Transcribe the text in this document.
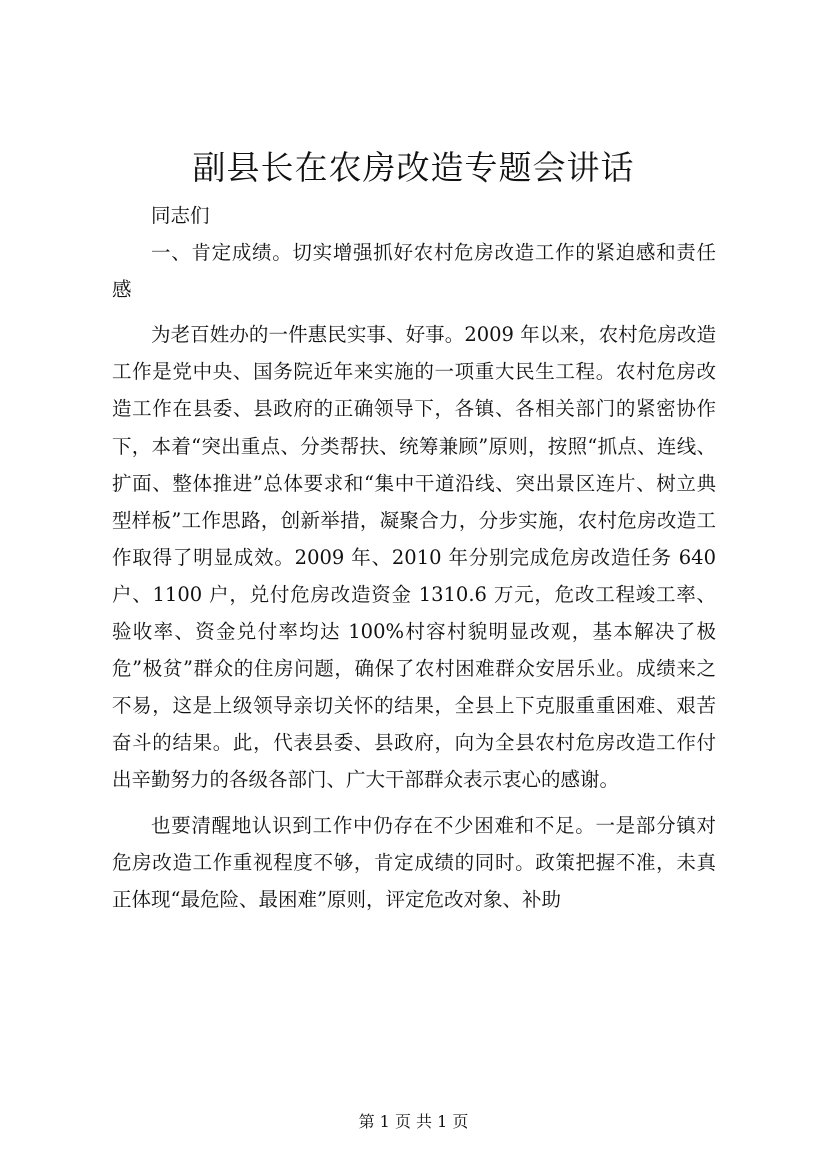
副县长在农房改造专题会讲话

同志们

一、肯定成绩。切实增强抓好农村危房改造工作的紧迫感和责任感

为老百姓办的一件惠民实事、好事。2009 年以来，农村危房改造工作是党中央、国务院近年来实施的一项重大民生工程。农村危房改造工作在县委、县政府的正确领导下，各镇、各相关部门的紧密协作下，本着“突出重点、分类帮扶、统筹兼顾”原则，按照“抓点、连线、扩面、整体推进”总体要求和“集中干道沿线、突出景区连片、树立典型样板”工作思路，创新举措，凝聚合力，分步实施，农村危房改造工作取得了明显成效。2009 年、2010 年分别完成危房改造任务 640 户、1100 户，兑付危房改造资金 1310.6 万元，危改工程竣工率、验收率、资金兑付率均达 100%村容村貌明显改观，基本解决了极危”极贫”群众的住房问题，确保了农村困难群众安居乐业。成绩来之不易，这是上级领导亲切关怀的结果，全县上下克服重重困难、艰苦奋斗的结果。此，代表县委、县政府，向为全县农村危房改造工作付出辛勤努力的各级各部门、广大干部群众表示衷心的感谢。

也要清醒地认识到工作中仍存在不少困难和不足。一是部分镇对危房改造工作重视程度不够，肯定成绩的同时。政策把握不准，未真正体现“最危险、最困难”原则，评定危改对象、补助

第 1 页 共 1 页
